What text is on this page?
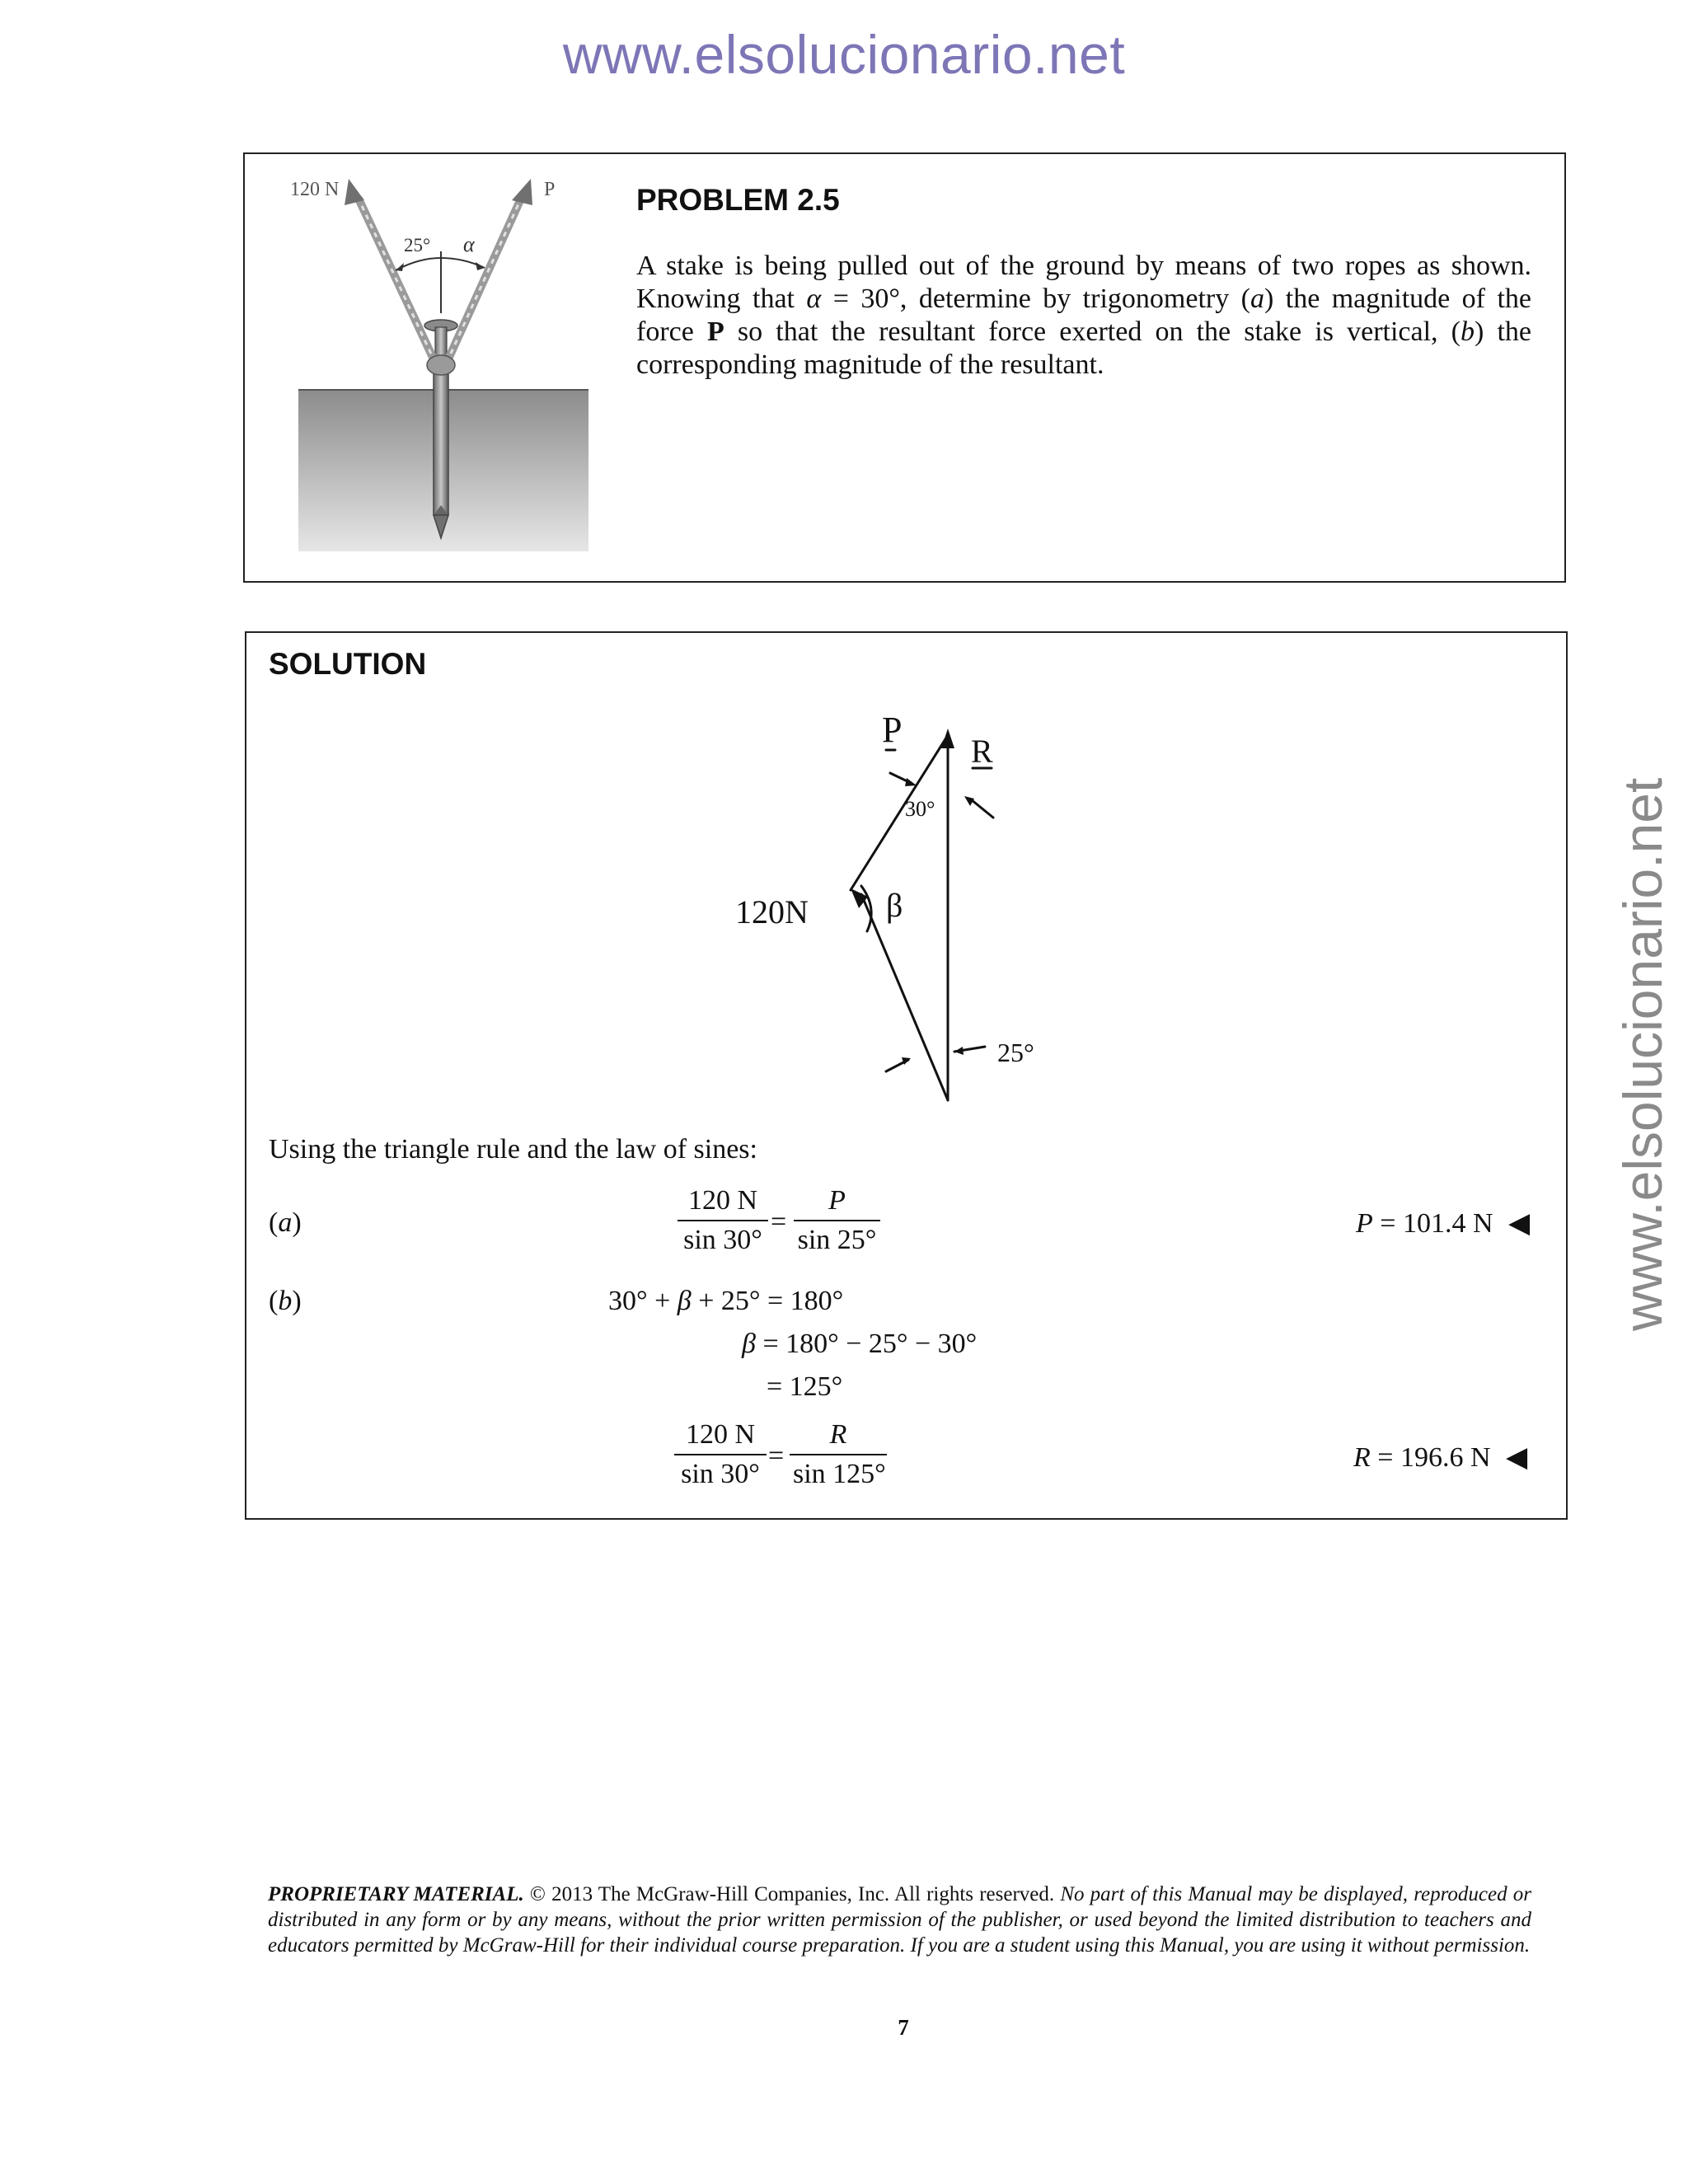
www.elsolucionario.net
www.elsolucionario.net
120 N	P
25° α
PROBLEM 2.5
A stake is being pulled out of the ground by means of two ropes as shown. Knowing that α = 30°, determine by trigonometry (a) the magnitude of the force P so that the resultant force exerted on the stake is vertical, (b) the corresponding magnitude of the resultant.
SOLUTION
P
R
30°
120N β
25°
Using the triangle rule and the law of sines:
(a)	$\frac{120 N}{\sin 30^\circ} = \frac{P}{\sin 25^\circ}$	P = 101.4 N ◀
(b)	30° + β + 25° = 180°
β = 180° − 25° − 30°
= 125°
$\frac{120 N}{\sin 30^\circ} = \frac{R}{\sin 125^\circ}$	R = 196.6 N ◀
PROPRIETARY MATERIAL. © 2013 The McGraw-Hill Companies, Inc. All rights reserved. No part of this Manual may be displayed, reproduced or distributed in any form or by any means, without the prior written permission of the publisher, or used beyond the limited distribution to teachers and educators permitted by McGraw-Hill for their individual course preparation. If you are a student using this Manual, you are using it without permission.
7
